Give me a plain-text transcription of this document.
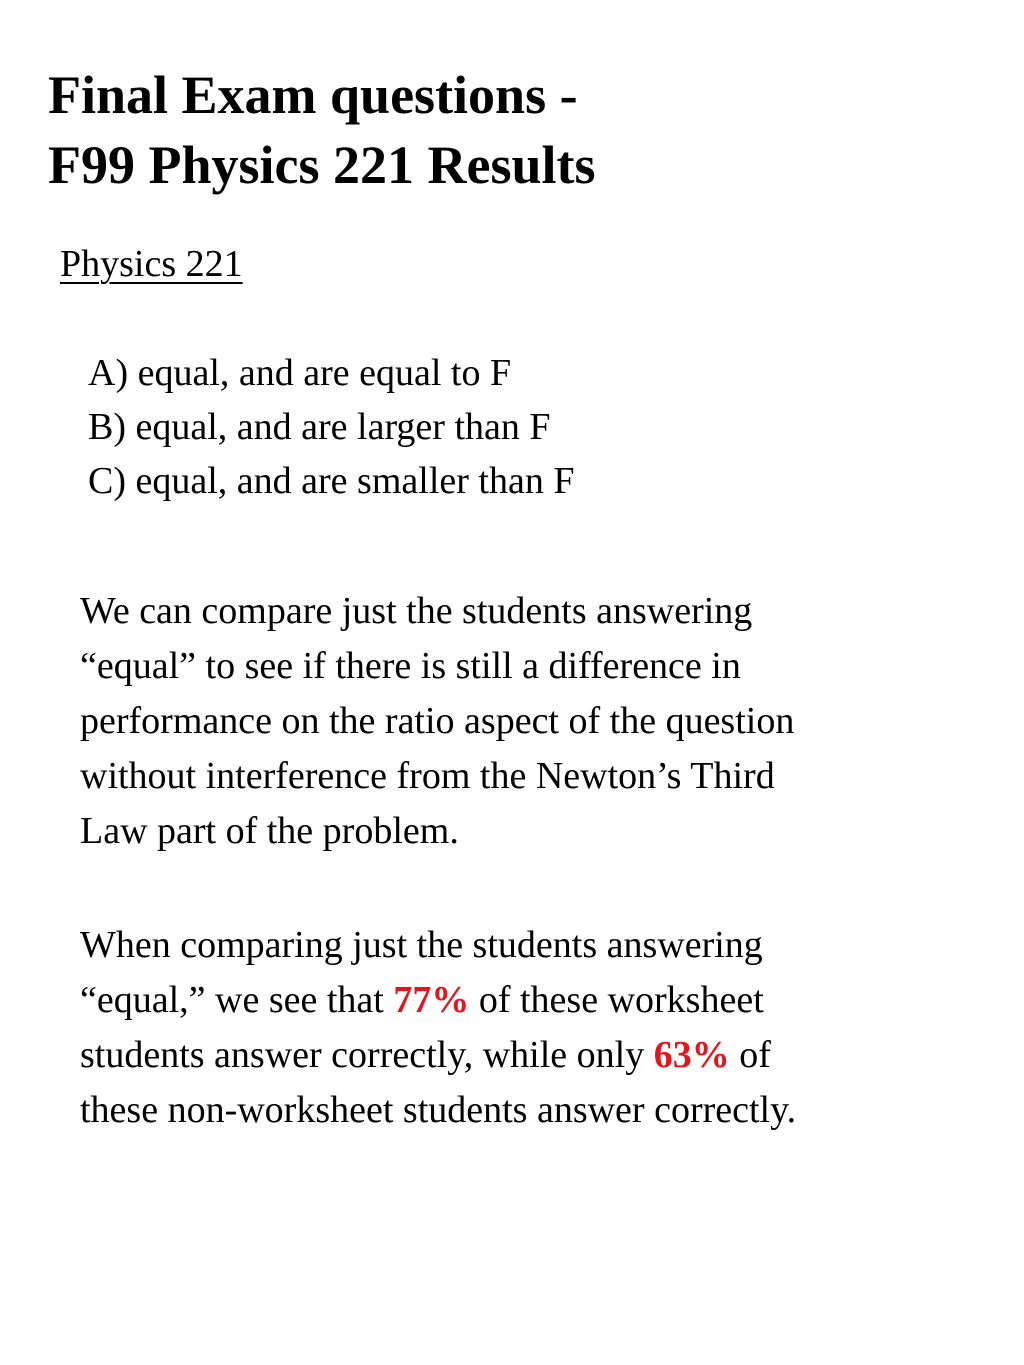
Final Exam questions -
F99 Physics 221 Results
Physics 221
A) equal, and are equal to F
B) equal, and are larger than F
C) equal, and are smaller than F

We can compare just the students answering
“equal” to see if there is still a difference in
performance on the ratio aspect of the question
without interference from the Newton’s Third
Law part of the problem.

When comparing just the students answering
“equal,” we see that 77% of these worksheet
students answer correctly, while only 63% of
these non-worksheet students answer correctly.
